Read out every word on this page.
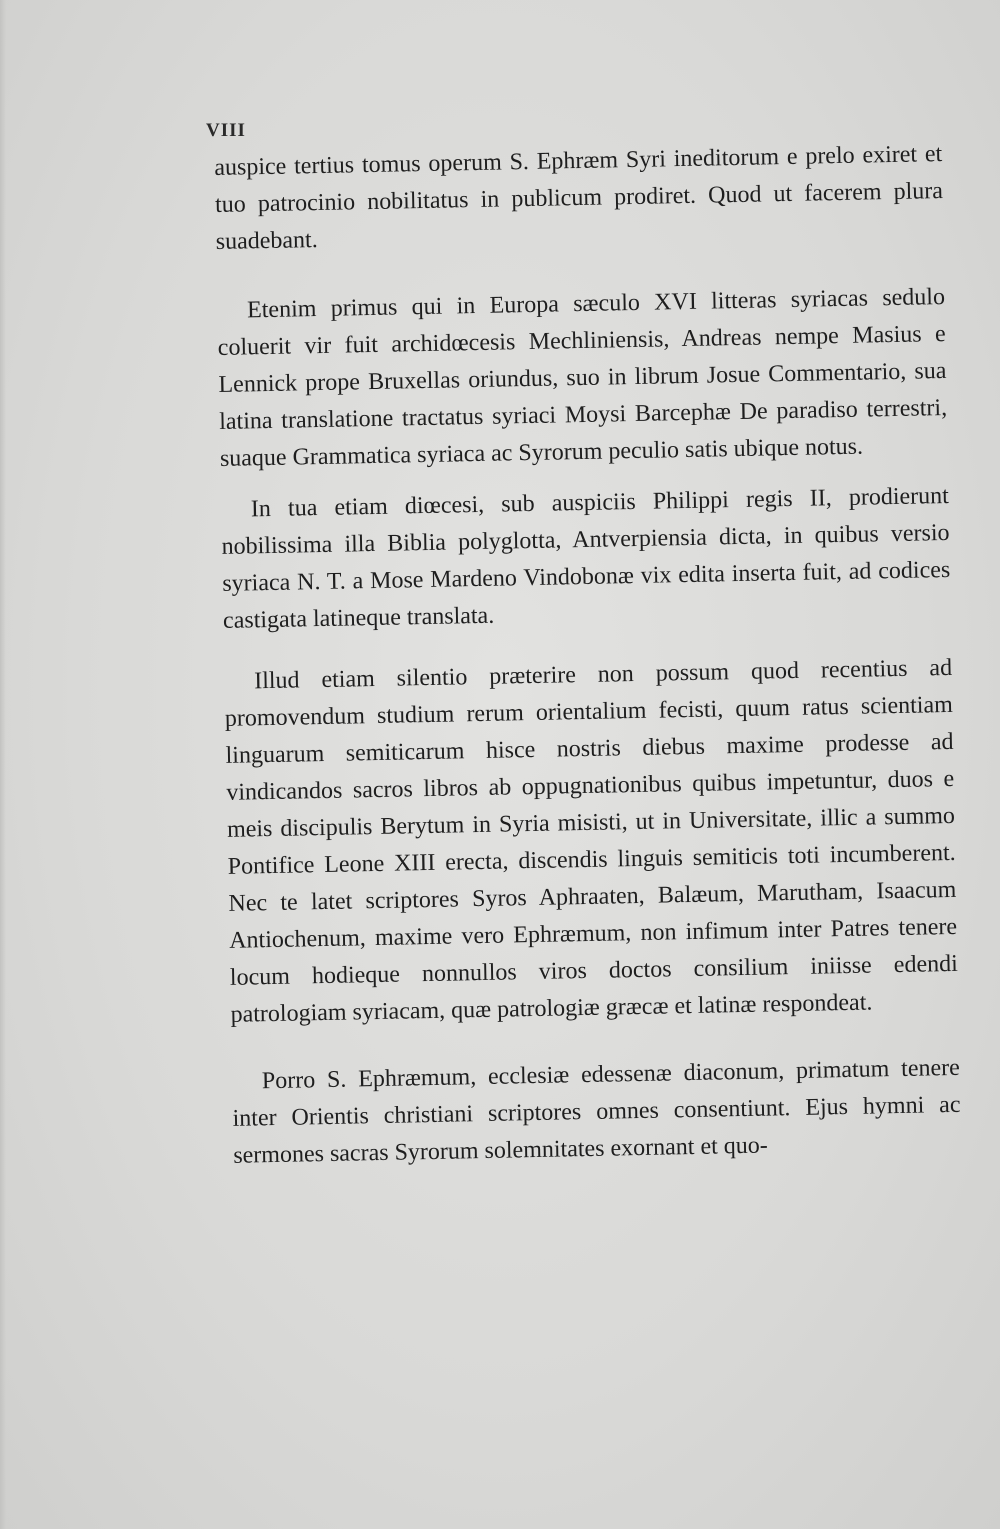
VIII

auspice tertius tomus operum S. Ephræm Syri ineditorum e prelo exiret et tuo patrocinio nobilitatus in publicum prodiret. Quod ut facerem plura suadebant.

Etenim primus qui in Europa sæculo XVI litteras syriacas sedulo coluerit vir fuit archidœcesis Mechliniensis, Andreas nempe Masius e Lennick prope Bruxellas oriundus, suo in librum Josue Commentario, sua latina translatione tractatus syriaci Moysi Barcephæ De paradiso terrestri, suaque Grammatica syriaca ac Syrorum peculio satis ubique notus.

In tua etiam diœcesi, sub auspiciis Philippi regis II, prodierunt nobilissima illa Biblia polyglotta, Antverpiensia dicta, in quibus versio syriaca N. T. a Mose Mardeno Vindobonæ vix edita inserta fuit, ad codices castigata latineque translata.

Illud etiam silentio præterire non possum quod recentius ad promovendum studium rerum orientalium fecisti, quum ratus scientiam linguarum semiticarum hisce nostris diebus maxime prodesse ad vindicandos sacros libros ab oppugnationibus quibus impetuntur, duos e meis discipulis Berytum in Syria misisti, ut in Universitate, illic a summo Pontifice Leone XIII erecta, discendis linguis semiticis toti incumberent. Nec te latet scriptores Syros Aphraaten, Balæum, Marutham, Isaacum Antiochenum, maxime vero Ephræmum, non infimum inter Patres tenere locum hodieque nonnullos viros doctos consilium iniisse edendi patrologiam syriacam, quæ patrologiæ græcæ et latinæ respondeat.

Porro S. Ephræmum, ecclesiæ edessenæ diaconum, primatum tenere inter Orientis christiani scriptores omnes consentiunt. Ejus hymni ac sermones sacras Syrorum solemnitates exornant et quo-
